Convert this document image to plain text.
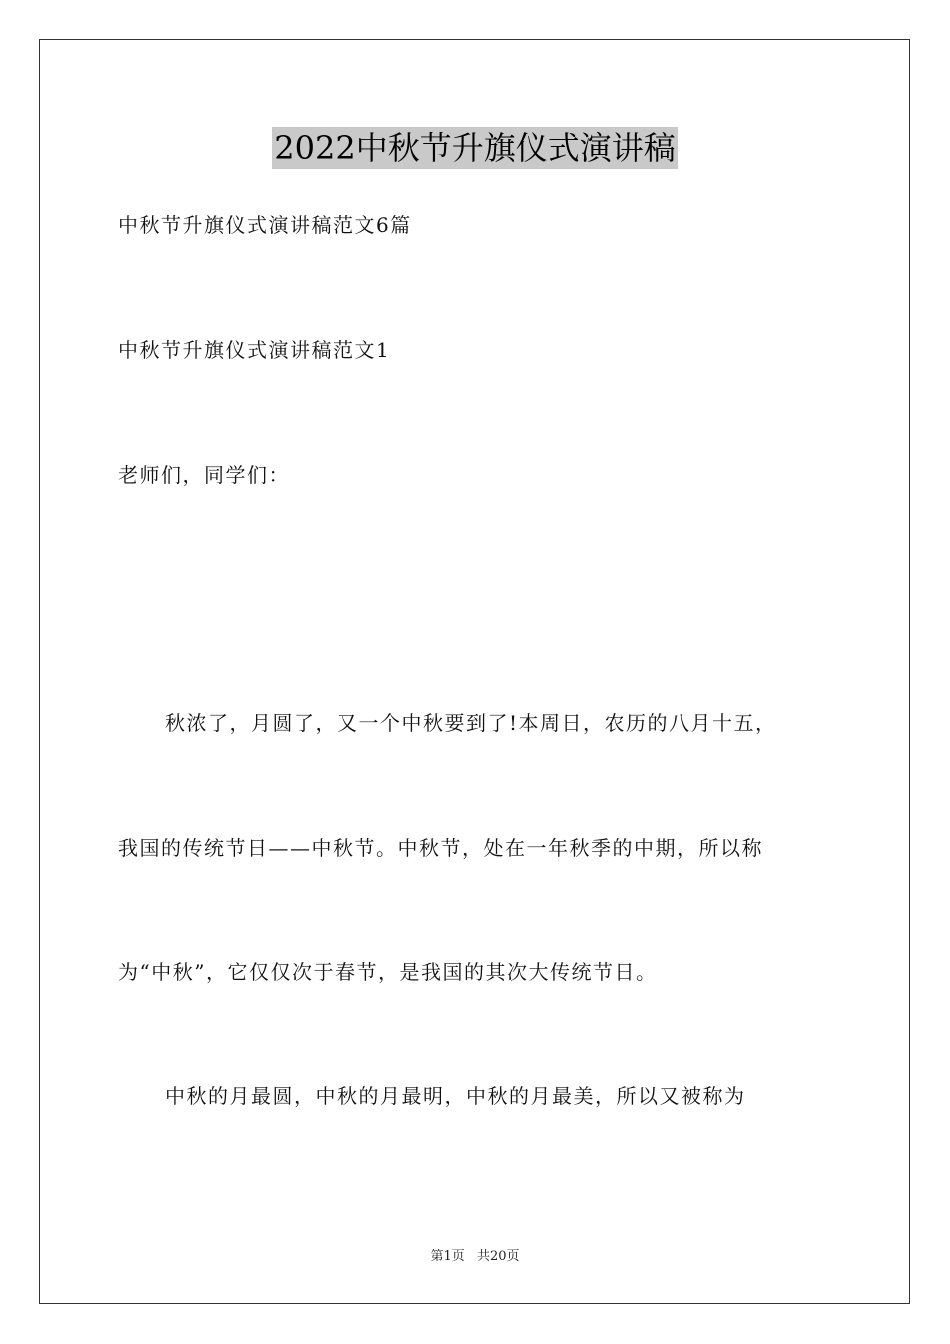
2022中秋节升旗仪式演讲稿
中秋节升旗仪式演讲稿范文6篇
中秋节升旗仪式演讲稿范文1
老师们，同学们：
秋浓了，月圆了，又一个中秋要到了!本周日，农历的八月十五，
我国的传统节日——中秋节。中秋节，处在一年秋季的中期，所以称
为“中秋”，它仅仅次于春节，是我国的其次大传统节日。
中秋的月最圆，中秋的月最明，中秋的月最美，所以又被称为
第1页 共20页
